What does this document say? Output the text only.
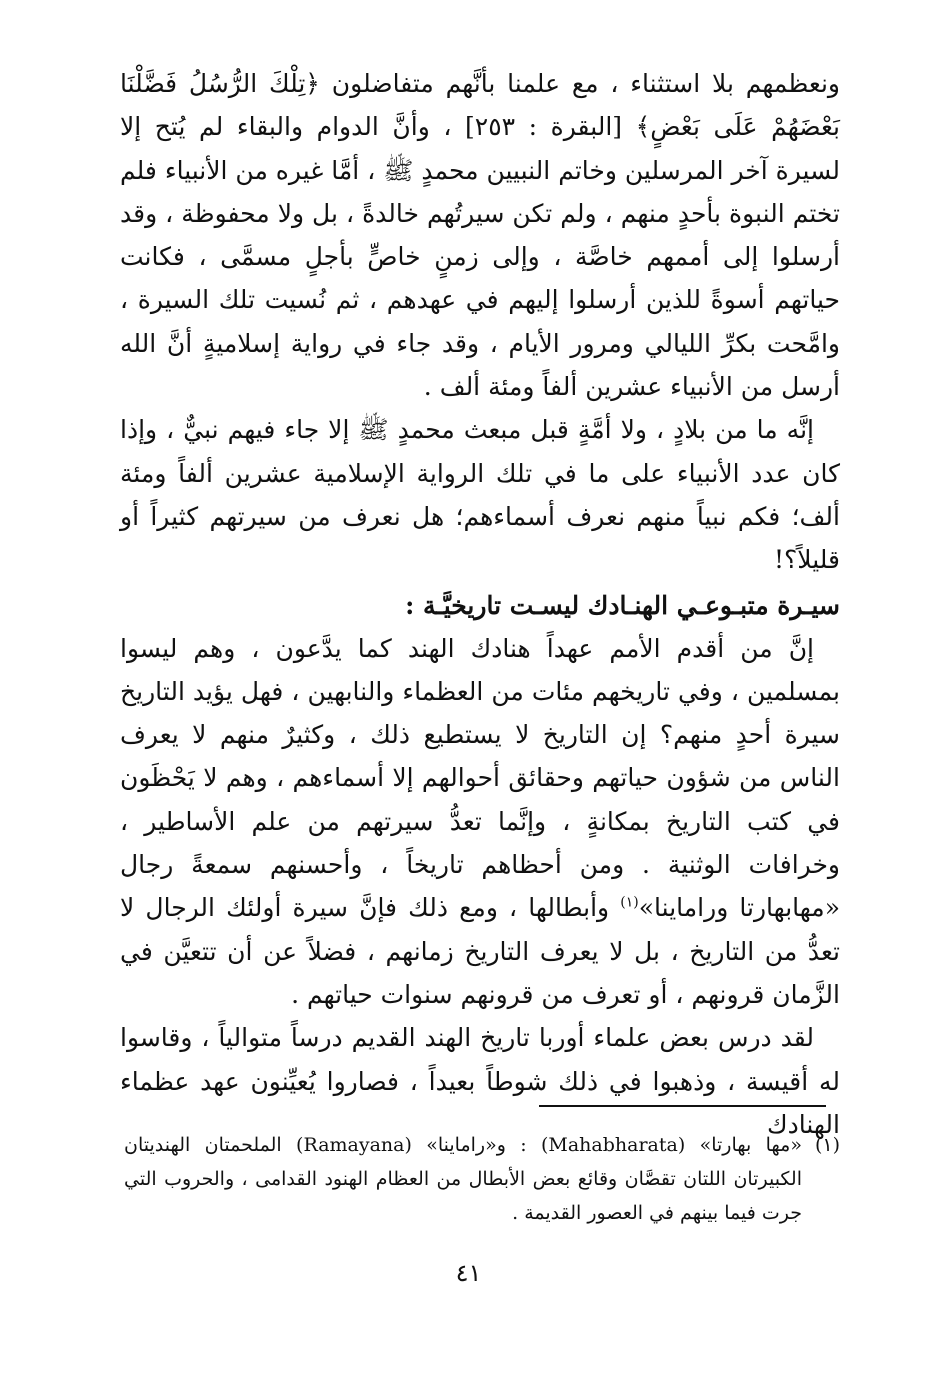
ونعظمهم بلا استثناء ، مع علمنا بأنَّهم متفاضلون ﴿تِلْكَ الرُّسُلُ فَضَّلْنَا بَعْضَهُمْ عَلَى بَعْضٍ﴾ [البقرة : ٢٥٣] ، وأنَّ الدوام والبقاء لم يُتح إلا لسيرة آخر المرسلين وخاتم النبيين محمدٍ ﷺ ، أمَّا غيره من الأنبياء فلم تختم النبوة بأحدٍ منهم ، ولم تكن سيرتُهم خالدةً ، بل ولا محفوظة ، وقد أرسلوا إلى أممهم خاصَّة ، وإلى زمنٍ خاصٍّ بأجلٍ مسمَّى ، فكانت حياتهم أسوةً للذين أرسلوا إليهم في عهدهم ، ثم نُسيت تلك السيرة ، وامَّحت بكرِّ الليالي ومرور الأيام ، وقد جاء في رواية إسلاميةٍ أنَّ الله أرسل من الأنبياء عشرين ألفاً ومئة ألف .

إنَّه ما من بلادٍ ، ولا أمَّةٍ قبل مبعث محمدٍ ﷺ إلا جاء فيهم نبيٌّ ، وإذا كان عدد الأنبياء على ما في تلك الرواية الإسلامية عشرين ألفاً ومئة ألف؛ فكم نبياً منهم نعرف أسماءهم؛ هل نعرف من سيرتهم كثيراً أو قليلاً؟!

سيـرة متبـوعـي الهنـادك ليسـت تاريخيَّـة :

إنَّ من أقدم الأمم عهداً هنادك الهند كما يدَّعون ، وهم ليسوا بمسلمين ، وفي تاريخهم مئات من العظماء والنابهين ، فهل يؤيد التاريخ سيرة أحدٍ منهم؟ إن التاريخ لا يستطيع ذلك ، وكثيرٌ منهم لا يعرف الناس من شؤون حياتهم وحقائق أحوالهم إلا أسماءهم ، وهم لا يَحْظَون في كتب التاريخ بمكانةٍ ، وإنَّما تعدُّ سيرتهم من علم الأساطير ، وخرافات الوثنية . ومن أحظاهم تاريخاً ، وأحسنهم سمعةً رجال «مهابهارتا وراماينا»$^{(١)}$ وأبطالها ، ومع ذلك فإنَّ سيرة أولئك الرجال لا تعدُّ من التاريخ ، بل لا يعرف التاريخ زمانهم ، فضلاً عن أن تتعيَّن في الزَّمان قرونهم ، أو تعرف من قرونهم سنوات حياتهم .

لقد درس بعض علماء أوربا تاريخ الهند القديم درساً متوالياً ، وقاسوا له أقيسة ، وذهبوا في ذلك شوطاً بعيداً ، فصاروا يُعيِّنون عهد عظماء الهنادك

(١)
«مها بهارتا» (Mahabharata) : و«راماينا» (Ramayana) الملحمتان الهنديتان الكبيرتان اللتان تقصَّان وقائع بعض الأبطال من العظام الهنود القدامى ، والحروب التي جرت فيما بينهم في العصور القديمة .
٤١
